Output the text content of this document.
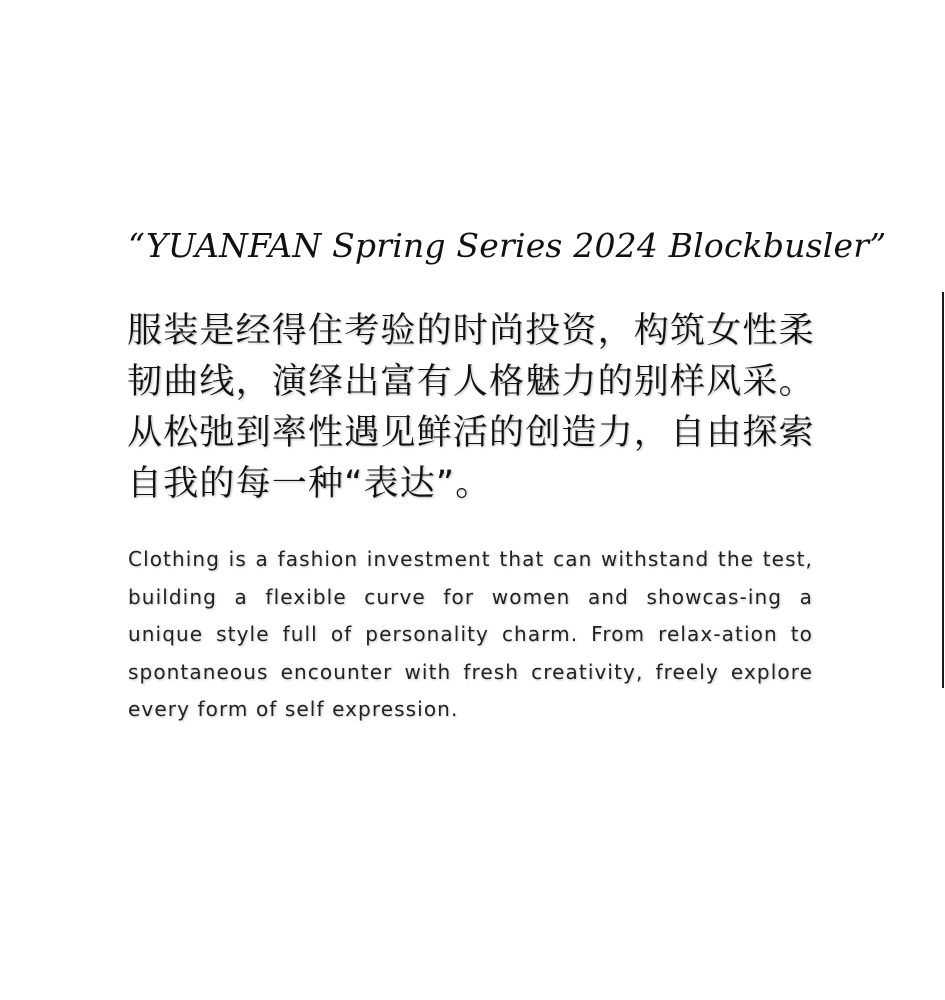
“YUANFAN Spring Series 2024 Blockbusler”

服装是经得住考验的时尚投资，构筑女性柔韧曲线，演绎出富有人格魅力的别样风采。从松弛到率性遇见鲜活的创造力，自由探索自我的每一种“表达”。

Clothing is a fashion investment that can withstand the test, building a flexible curve for women and showcas-ing a unique style full of personality charm. From relax-ation to spontaneous encounter with fresh creativity, freely explore every form of self expression.
